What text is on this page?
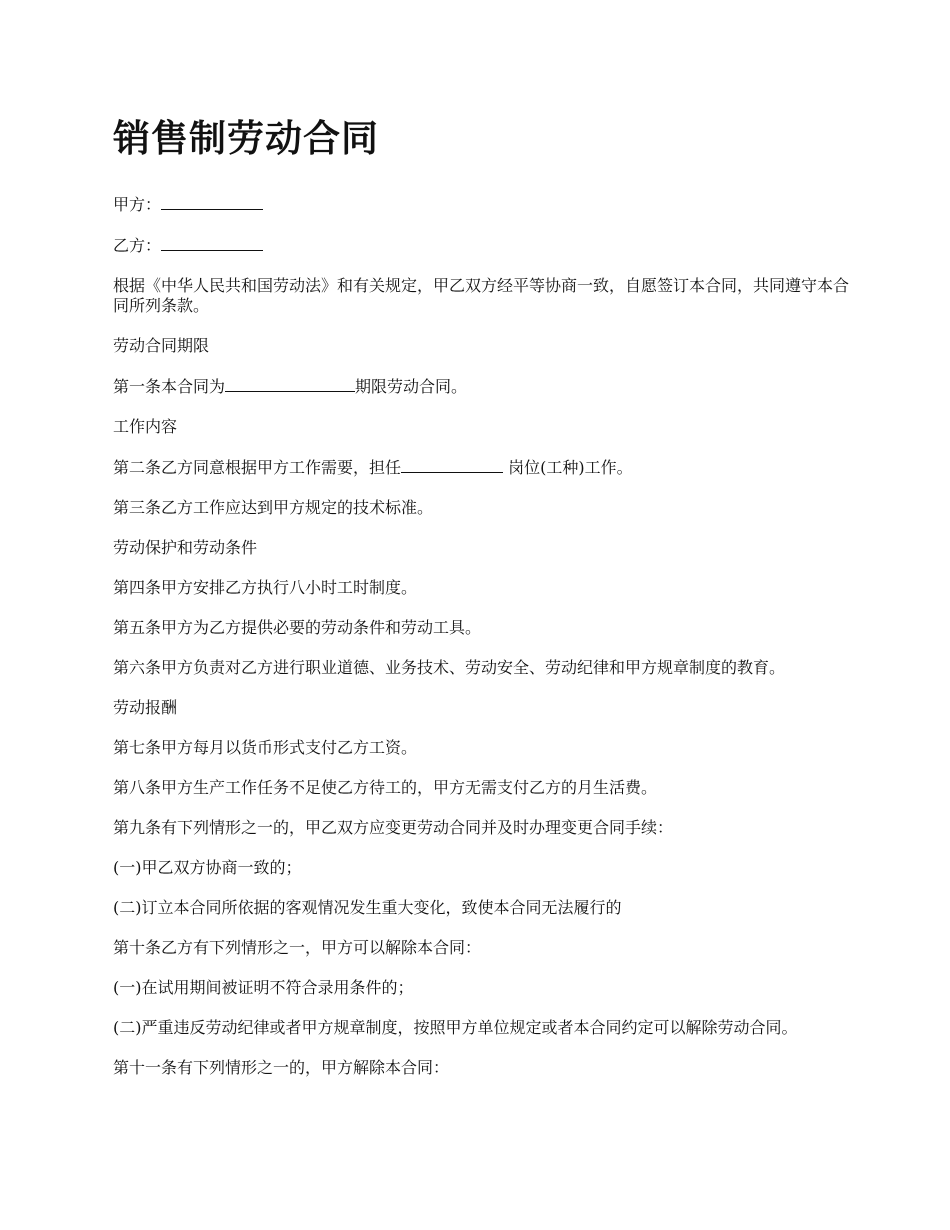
销售制劳动合同

甲方：

乙方：

根据《中华人民共和国劳动法》和有关规定，甲乙双方经平等协商一致，自愿签订本合同，共同遵守本合同所列条款。

劳动合同期限

第一条本合同为	期限劳动合同。

工作内容

第二条乙方同意根据甲方工作需要，担任	岗位(工种)工作。

第三条乙方工作应达到甲方规定的技术标准。

劳动保护和劳动条件

第四条甲方安排乙方执行八小时工时制度。

第五条甲方为乙方提供必要的劳动条件和劳动工具。

第六条甲方负责对乙方进行职业道德、业务技术、劳动安全、劳动纪律和甲方规章制度的教育。

劳动报酬

第七条甲方每月以货币形式支付乙方工资。

第八条甲方生产工作任务不足使乙方待工的，甲方无需支付乙方的月生活费。

第九条有下列情形之一的，甲乙双方应变更劳动合同并及时办理变更合同手续：

(一)甲乙双方协商一致的；

(二)订立本合同所依据的客观情况发生重大变化，致使本合同无法履行的

第十条乙方有下列情形之一，甲方可以解除本合同：

(一)在试用期间被证明不符合录用条件的；

(二)严重违反劳动纪律或者甲方规章制度，按照甲方单位规定或者本合同约定可以解除劳动合同。

第十一条有下列情形之一的，甲方解除本合同：
